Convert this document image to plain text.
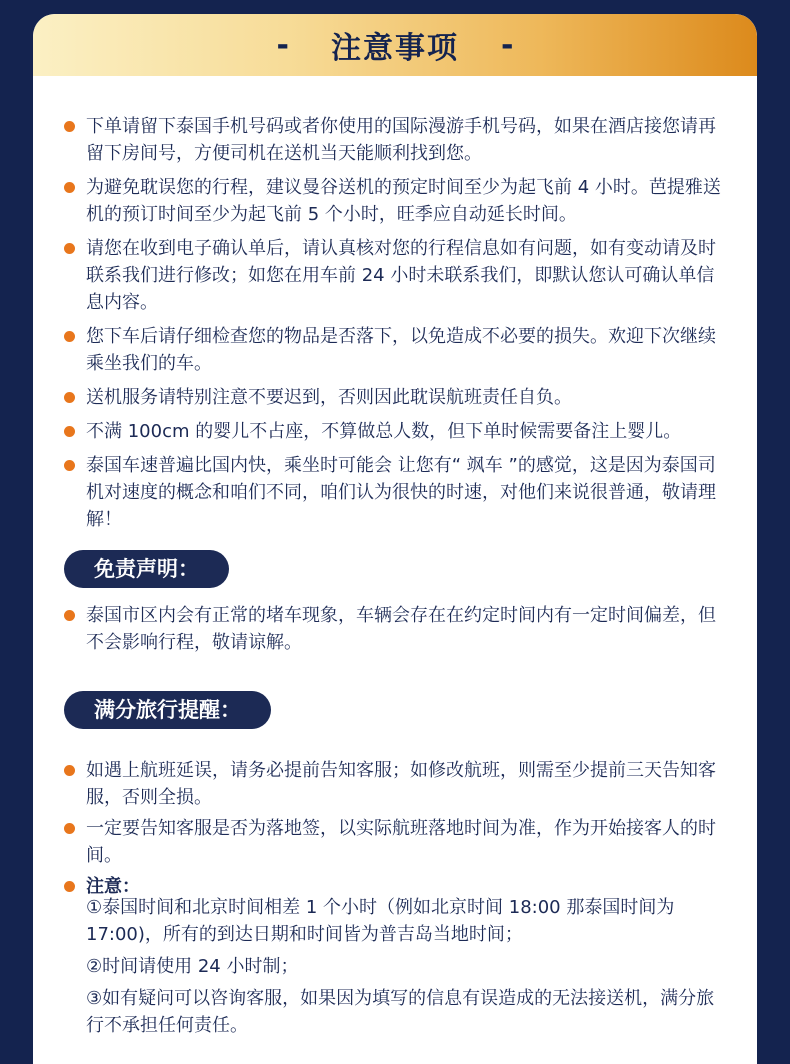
- 注意事项 -
下单请留下泰国手机号码或者你使用的国际漫游手机号码，如果在酒店接您请再留下房间号，方便司机在送机当天能顺利找到您。
为避免耽误您的行程，建议曼谷送机的预定时间至少为起飞前 4 小时。芭提雅送机的预订时间至少为起飞前 5 个小时，旺季应自动延长时间。
请您在收到电子确认单后，请认真核对您的行程信息如有问题，如有变动请及时联系我们进行修改；如您在用车前 24 小时未联系我们，即默认您认可确认单信息内容。
您下车后请仔细检查您的物品是否落下，以免造成不必要的损失。欢迎下次继续乘坐我们的车。
送机服务请特别注意不要迟到，否则因此耽误航班责任自负。
不满 100cm 的婴儿不占座，不算做总人数，但下单时候需要备注上婴儿。
泰国车速普遍比国内快，乘坐时可能会 让您有“ 飒车 ”的感觉，这是因为泰国司机对速度的概念和咱们不同，咱们认为很快的时速，对他们来说很普通，敬请理解！
免责声明：
泰国市区内会有正常的堵车现象，车辆会存在在约定时间内有一定时间偏差，但不会影响行程，敬请谅解。
满分旅行提醒：
如遇上航班延误，请务必提前告知客服；如修改航班，则需至少提前三天告知客服，否则全损。
一定要告知客服是否为落地签，以实际航班落地时间为准，作为开始接客人的时间。
注意：
①泰国时间和北京时间相差 1 个小时（例如北京时间 18:00 那泰国时间为 17:00)，所有的到达日期和时间皆为普吉岛当地时间；
②时间请使用 24 小时制；
③如有疑问可以咨询客服，如果因为填写的信息有误造成的无法接送机，满分旅行不承担任何责任。
